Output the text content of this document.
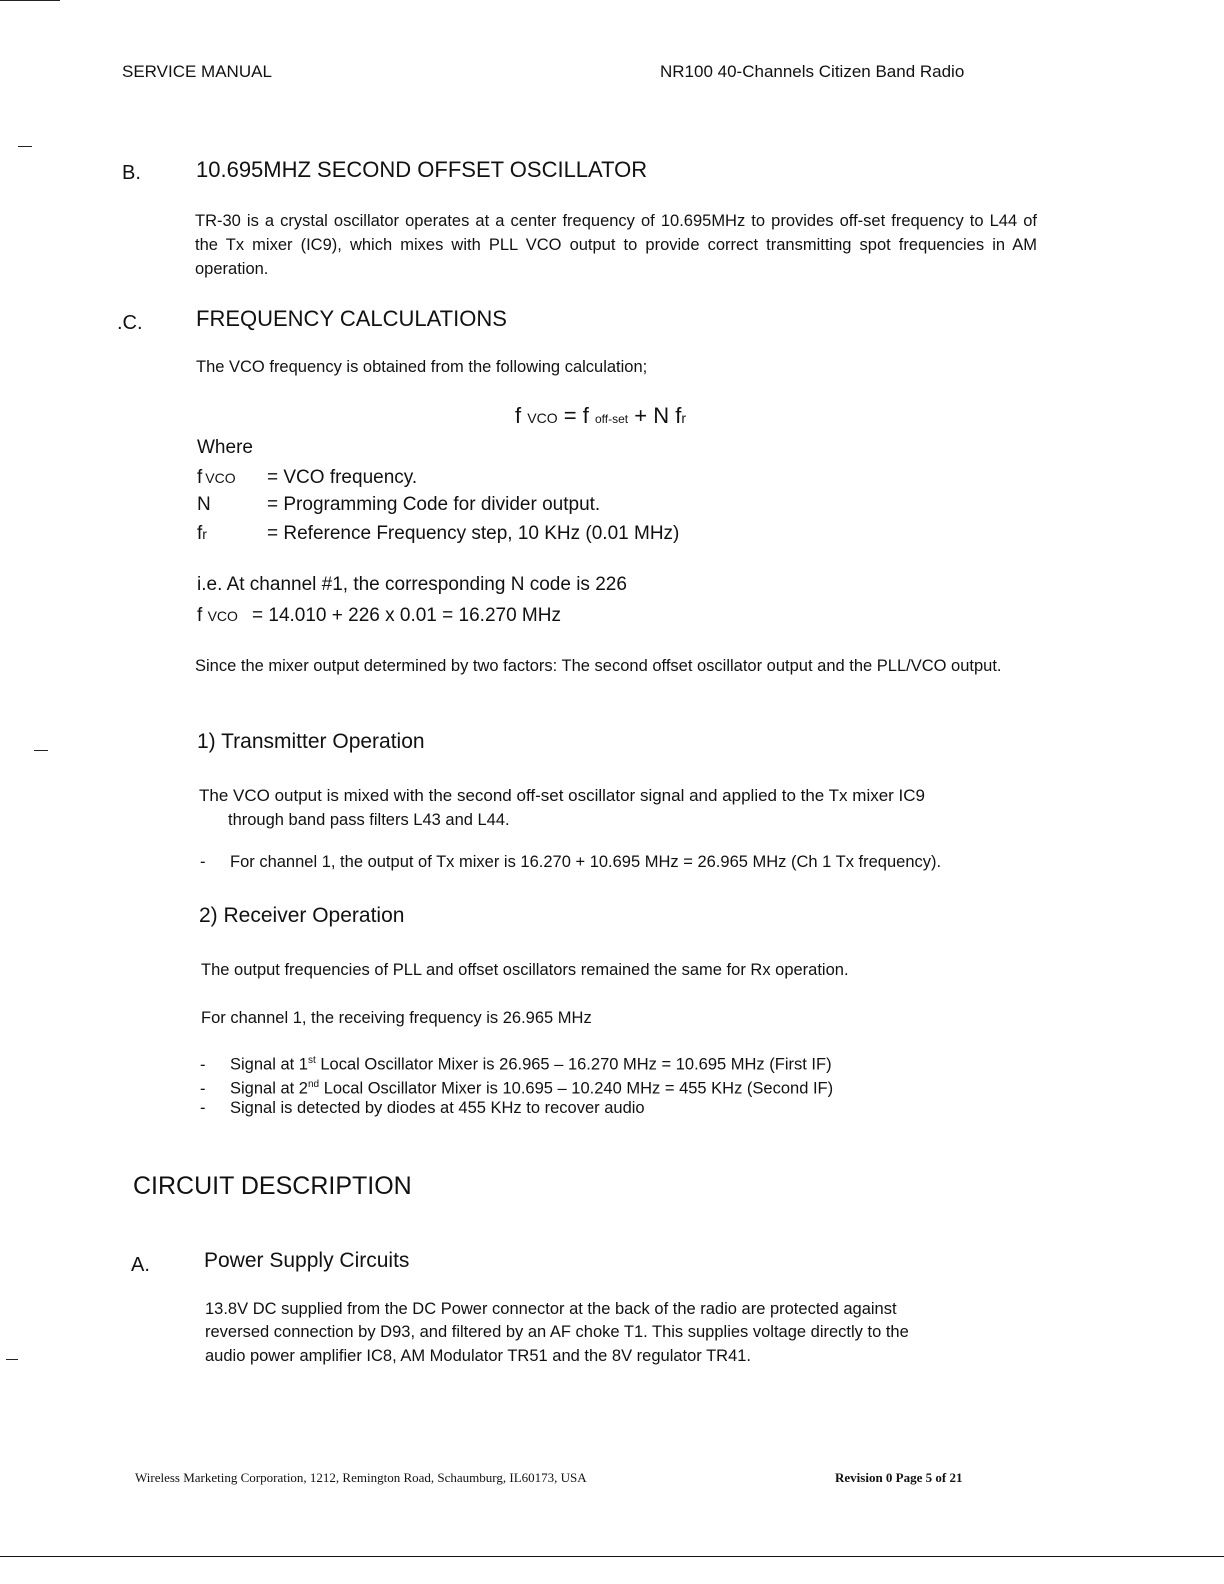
SERVICE MANUAL	NR100 40-Channels Citizen Band Radio
B.	10.695MHZ SECOND OFFSET OSCILLATOR
TR-30 is a crystal oscillator operates at a center frequency of 10.695MHz to provides off-set frequency to L44 of the Tx mixer (IC9), which mixes with PLL VCO output to provide correct transmitting spot frequencies in AM operation.
.C. FREQUENCY CALCULATIONS
The VCO frequency is obtained from the following calculation;
f VCO = f off-set + N fr
Where
f VCO = VCO frequency.
N	= Programming Code for divider output.
fr	= Reference Frequency step, 10 KHz (0.01 MHz)
i.e. At channel #1, the corresponding N code is 226
f VCO = 14.010 + 226 x 0.01 = 16.270 MHz
Since the mixer output determined by two factors: The second offset oscillator output and the PLL/VCO output.
1) Transmitter Operation
The VCO output is mixed with the second off-set oscillator signal and applied to the Tx mixer IC9
through band pass filters L43 and L44.
- For channel 1, the output of Tx mixer is 16.270 + 10.695 MHz = 26.965 MHz (Ch 1 Tx frequency).
2) Receiver Operation
The output frequencies of PLL and offset oscillators remained the same for Rx operation.
For channel 1, the receiving frequency is 26.965 MHz
- Signal at 1st Local Oscillator Mixer is 26.965 – 16.270 MHz = 10.695 MHz (First IF)
- Signal at 2nd Local Oscillator Mixer is 10.695 – 10.240 MHz = 455 KHz (Second IF)
- Signal is detected by diodes at 455 KHz to recover audio
CIRCUIT DESCRIPTION
A.	Power Supply Circuits
13.8V DC supplied from the DC Power connector at the back of the radio are protected against
reversed connection by D93, and filtered by an AF choke T1. This supplies voltage directly to the
audio power amplifier IC8, AM Modulator TR51 and the 8V regulator TR41.
Wireless Marketing Corporation, 1212, Remington Road, Schaumburg, IL60173, USA	Revision 0 Page 5 of 21
